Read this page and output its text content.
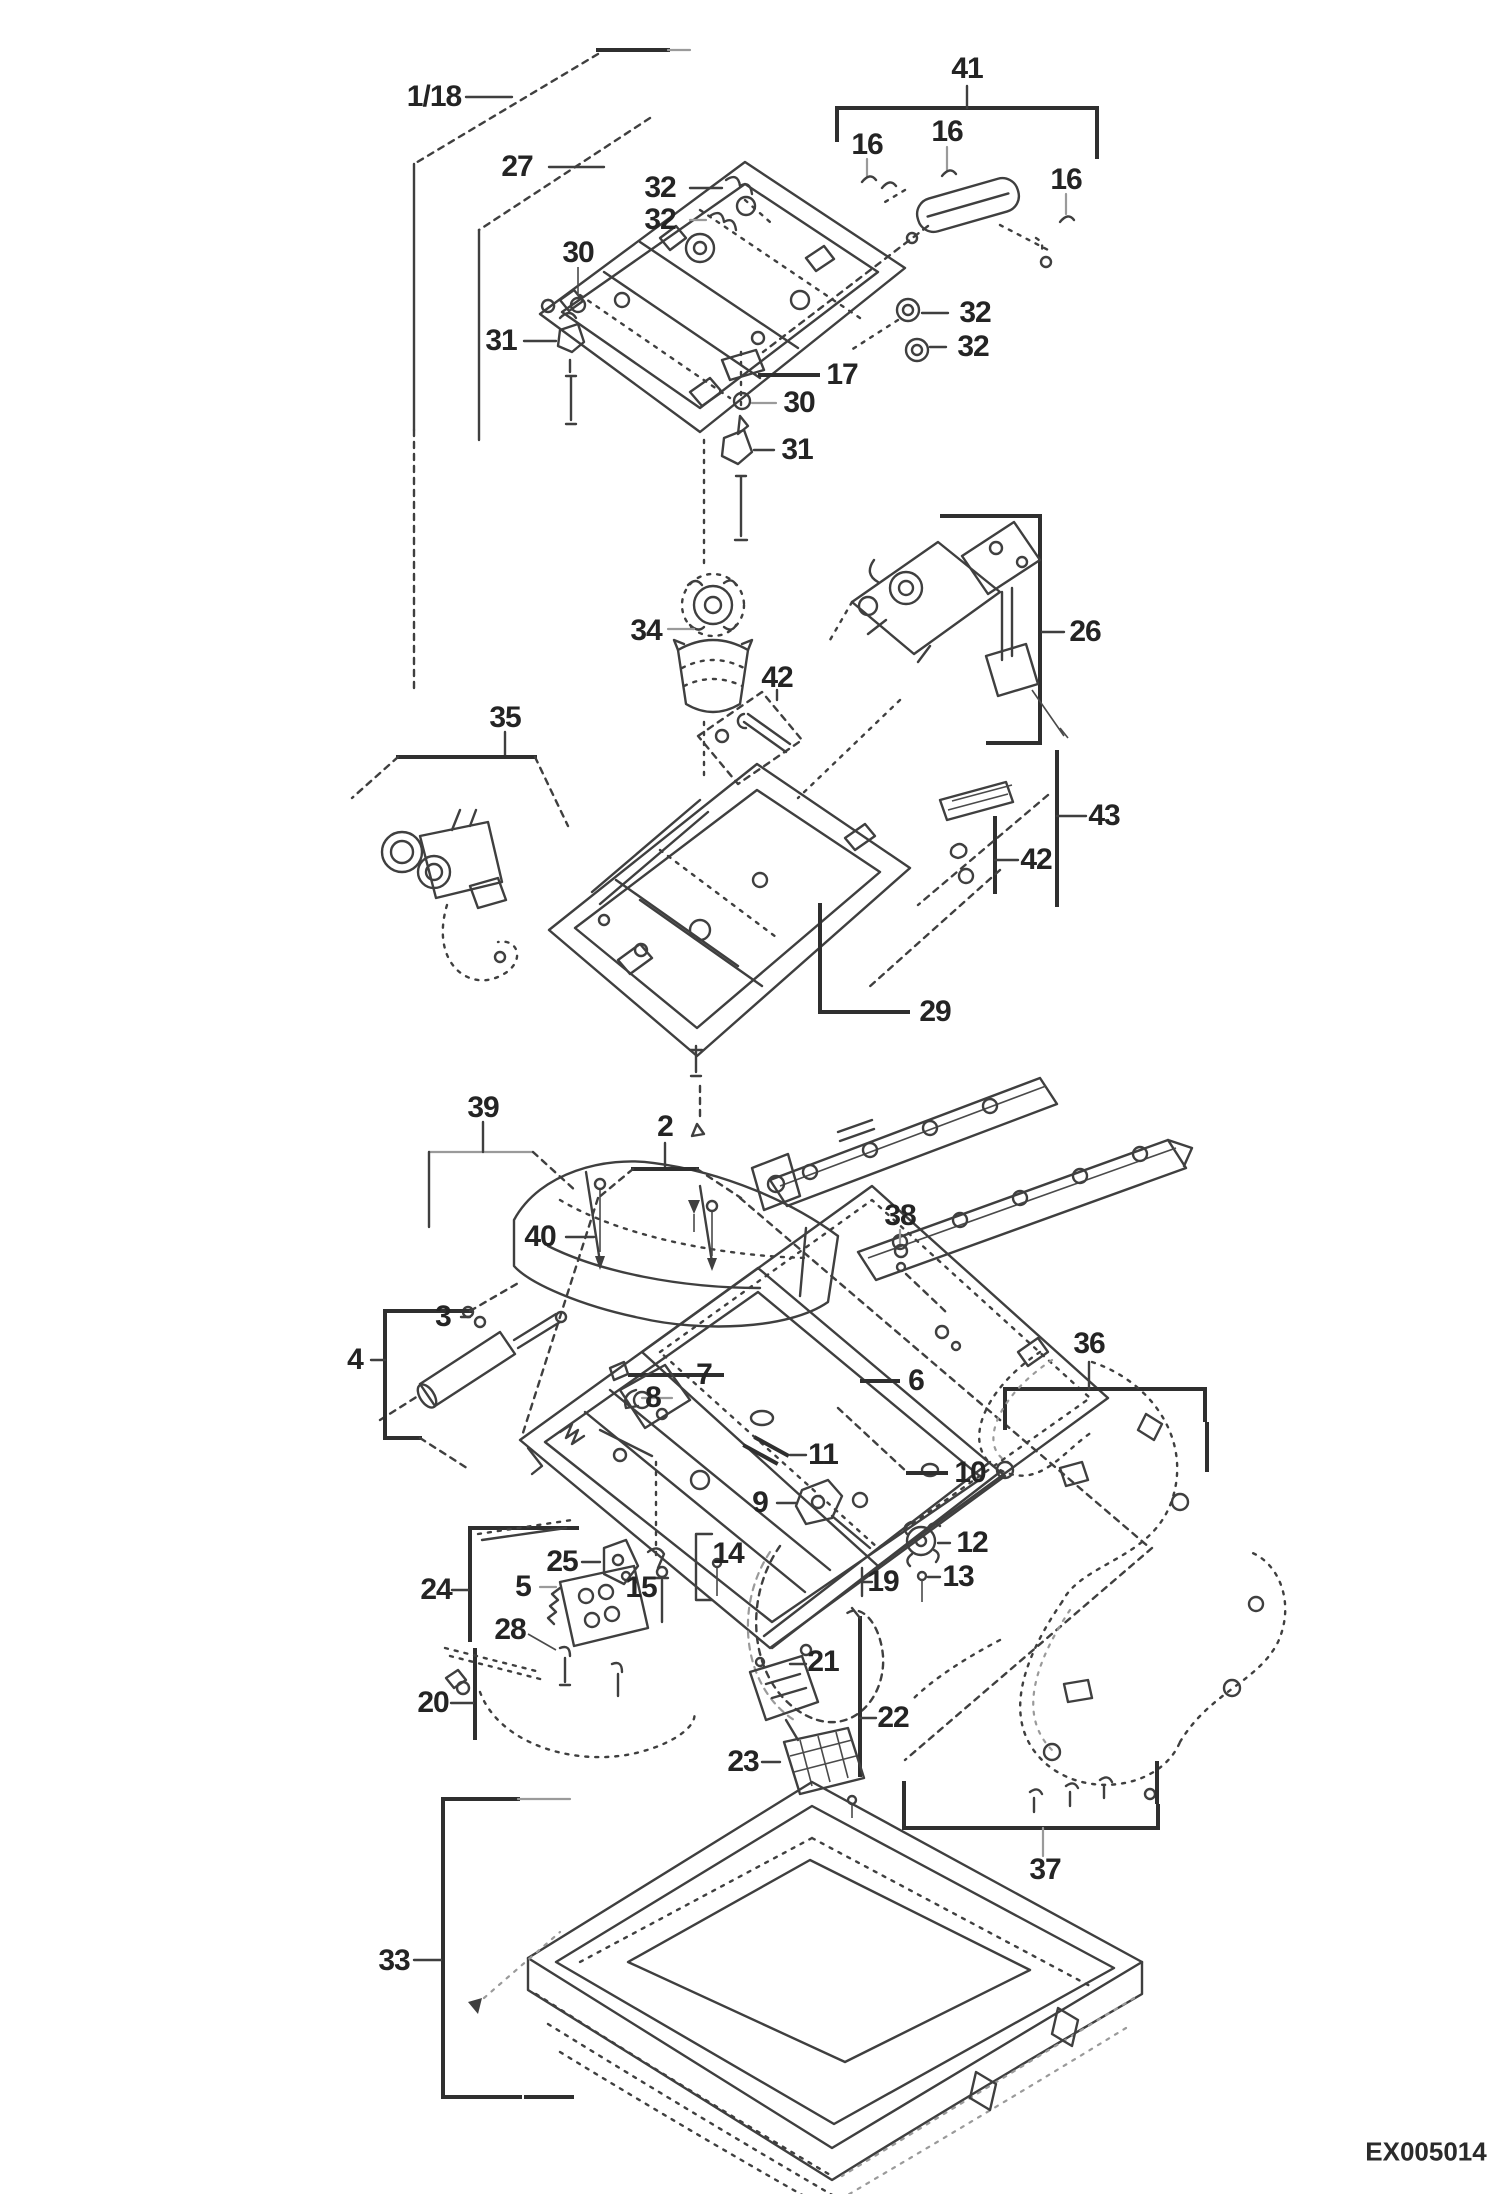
1/18
41
16
16
16
27
32
32
30
31
32
32
17
30
31
34	26
42
35
43
42
29
39
2
40
38
3
4	36
7
8
6
11
10
9
12
13
14
25
15
5
24	19
28
20
21
22
23
37
33
EX005014
